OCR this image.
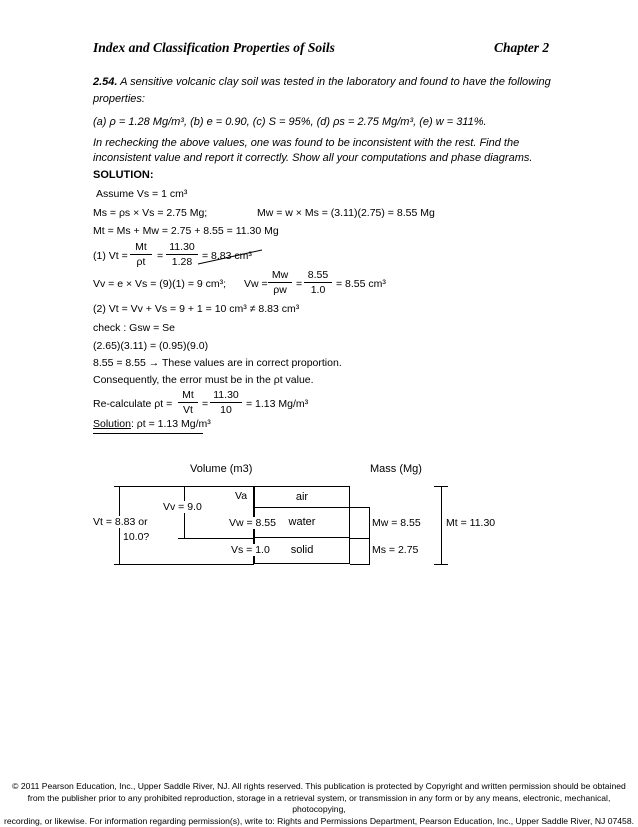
Index and Classification Properties of Soils	Chapter 2
2.54. A sensitive volcanic clay soil was tested in the laboratory and found to have the following
properties:
(a) ρ = 1.28 Mg/m³, (b) e = 0.90, (c) S = 95%, (d) ρs = 2.75 Mg/m³, (e) w = 311%.
In rechecking the above values, one was found to be inconsistent with the rest. Find the
inconsistent value and report it correctly. Show all your computations and phase diagrams.
SOLUTION:
Assume Vs = 1 cm³
Ms = ρs × Vs = 2.75 Mg;	Mw = w × Ms = (3.11)(2.75) = 8.55 Mg
Mt = Ms + Mw = 2.75 + 8.55 = 11.30 Mg
(1) Vt =
Mt
ρt	=
11.30
1.28 = 8.83 cm³
Vv = e × Vs = (9)(1) = 9 cm³; Vw =
Mw
ρw =
8.55
1.0	= 8.55 cm³
(2) Vt = Vv + Vs = 9 + 1 = 10 cm³ ≠ 8.83 cm³
check : Gsw = Se
(2.65)(3.11) = (0.95)(9.0)
8.55 = 8.55 → These values are in correct proportion.
Consequently, the error must be in the ρt value.
Re-calculate ρt =
Mt
Vt =
11.30
10	= 1.13 Mg/m³
Solution: ρt = 1.13 Mg/m³
Volume (m3)	Mass (Mg)
air
water
solid
Vt = 8.83 or
10.0?
Vv = 9.0
Va
Vw = 8.55
Vs = 1.0
Mw = 8.55
Ms = 2.75
Mt = 11.30
© 2011 Pearson Education, Inc., Upper Saddle River, NJ. All rights reserved. This publication is protected by Copyright and written permission should be obtained
from the publisher prior to any prohibited reproduction, storage in a retrieval system, or transmission in any form or by any means, electronic, mechanical, photocopying,
recording, or likewise. For information regarding permission(s), write to: Rights and Permissions Department, Pearson Education, Inc., Upper Saddle River, NJ 07458.
